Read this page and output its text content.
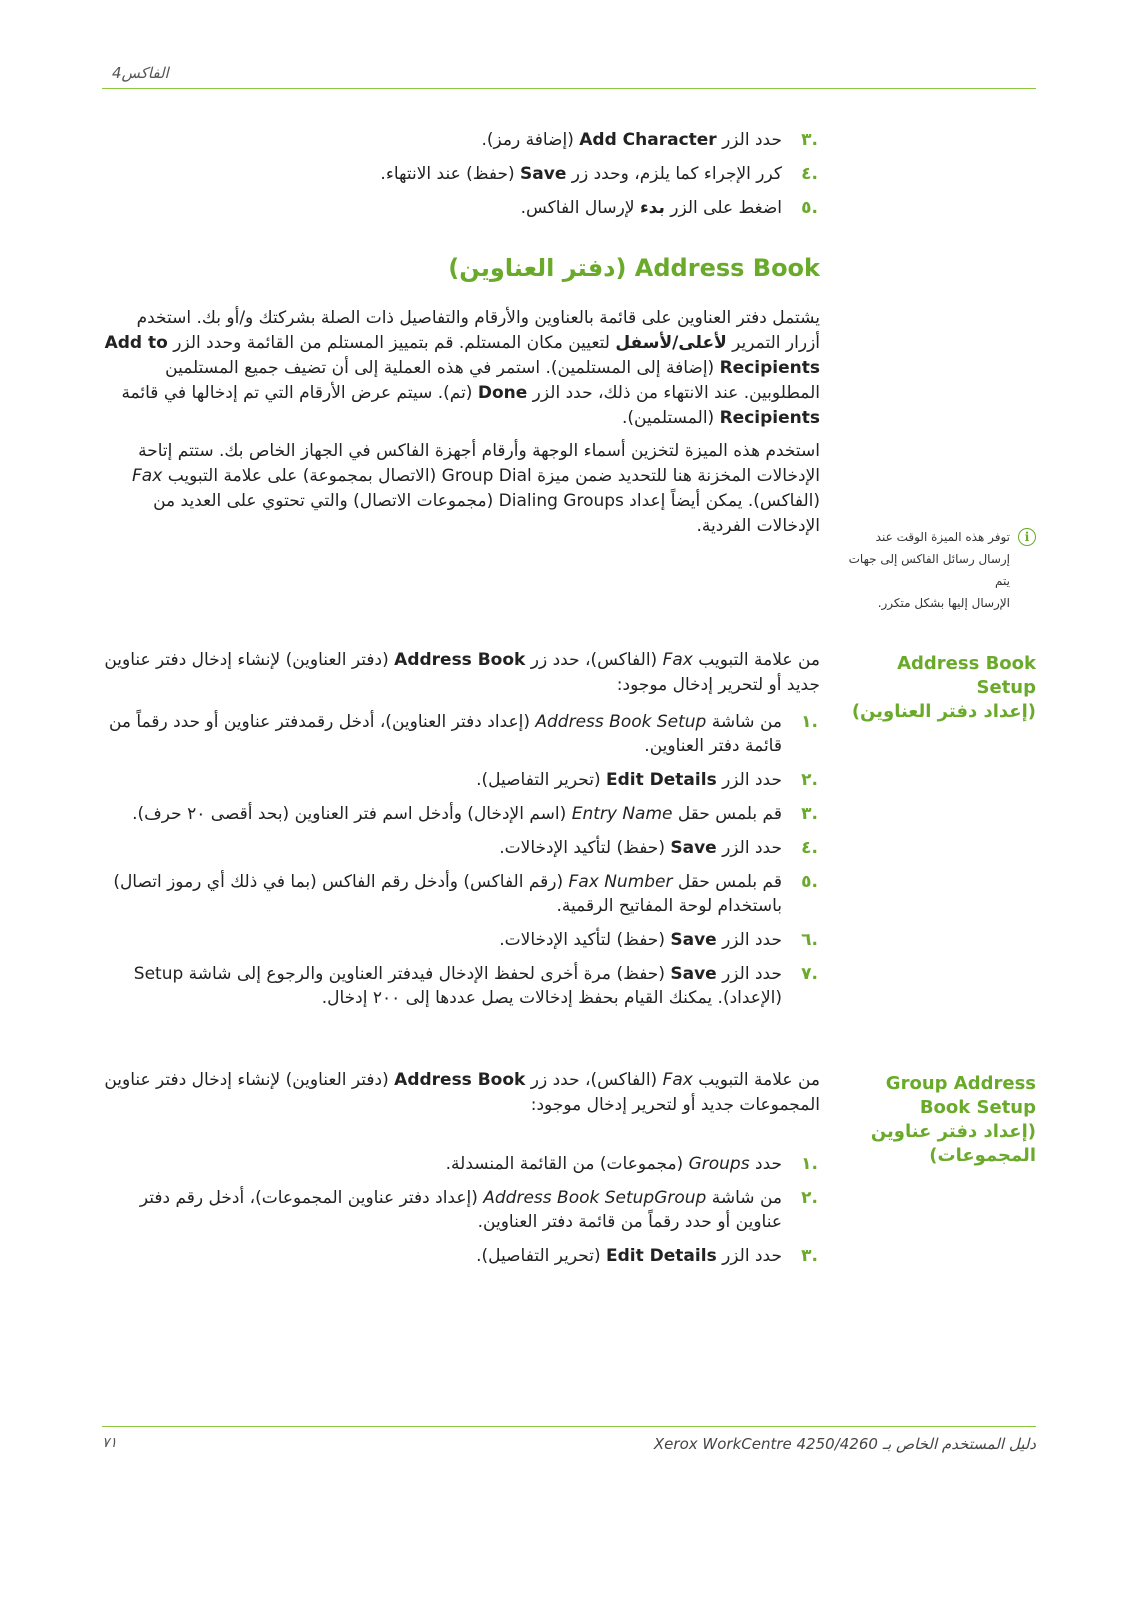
الفاكس4
.٣
حدد الزر Add Character (إضافة رمز).
.٤
كرر الإجراء كما يلزم، وحدد زر Save (حفظ) عند الانتهاء.
.٥
اضغط على الزر بدء لإرسال الفاكس.
Address Book (دفتر العناوين)

يشتمل دفتر العناوين على قائمة بالعناوين والأرقام والتفاصيل ذات الصلة بشركتك و/أو بك. استخدم أزرار التمرير لأعلى/لأسفل لتعيين مكان المستلم. قم بتمييز المستلم من القائمة وحدد الزر Add to Recipients (إضافة إلى المستلمين). استمر في هذه العملية إلى أن تضيف جميع المستلمين المطلوبين. عند الانتهاء من ذلك، حدد الزر Done (تم). سيتم عرض الأرقام التي تم إدخالها في قائمة Recipients (المستلمين).

استخدم هذه الميزة لتخزين أسماء الوجهة وأرقام أجهزة الفاكس في الجهاز الخاص بك. ستتم إتاحة الإدخالات المخزنة هنا للتحديد ضمن ميزة Group Dial (الاتصال بمجموعة) على علامة التبويب Fax (الفاكس). يمكن أيضاً إعداد Dialing Groups (مجموعات الاتصال) والتي تحتوي على العديد من الإدخالات الفردية.

i
توفر هذه الميزة الوقت عند
إرسال رسائل الفاكس إلى جهات يتم
الإرسال إليها بشكل متكرر.
Address Book Setup
(إعداد دفتر العناوين)

من علامة التبويب Fax (الفاكس)، حدد زر Address Book (دفتر العناوين) لإنشاء إدخال دفتر عناوين جديد أو لتحرير إدخال موجود:

.١
من شاشة Address Book Setup (إعداد دفتر العناوين)، أدخل رقمدفتر عناوين أو حدد رقماً من قائمة دفتر العناوين.
.٢
حدد الزر Edit Details (تحرير التفاصيل).
.٣
قم بلمس حقل Entry Name (اسم الإدخال) وأدخل اسم فتر العناوين (بحد أقصى ٢٠ حرف).
.٤
حدد الزر Save (حفظ) لتأكيد الإدخالات.
.٥
قم بلمس حقل Fax Number (رقم الفاكس) وأدخل رقم الفاكس (بما في ذلك أي رموز اتصال) باستخدام لوحة المفاتيح الرقمية.
.٦
حدد الزر Save (حفظ) لتأكيد الإدخالات.
.٧
حدد الزر Save (حفظ) مرة أخرى لحفظ الإدخال فيدفتر العناوين والرجوع إلى شاشة Setup (الإعداد). يمكنك القيام بحفظ إدخالات يصل عددها إلى ٢٠٠ إدخال.
Group Address
Book Setup
(إعداد دفتر عناوين
المجموعات)

من علامة التبويب Fax (الفاكس)، حدد زر Address Book (دفتر العناوين) لإنشاء إدخال دفتر عناوين المجموعات جديد أو لتحرير إدخال موجود:

.١
حدد Groups (مجموعات) من القائمة المنسدلة.
.٢
من شاشة Address Book SetupGroup (إعداد دفتر عناوين المجموعات)، أدخل رقم دفتر عناوين أو حدد رقماً من قائمة دفتر العناوين.
.٣
حدد الزر Edit Details (تحرير التفاصيل).
٧١	دليل المستخدم الخاص بـ Xerox WorkCentre 4250/4260
